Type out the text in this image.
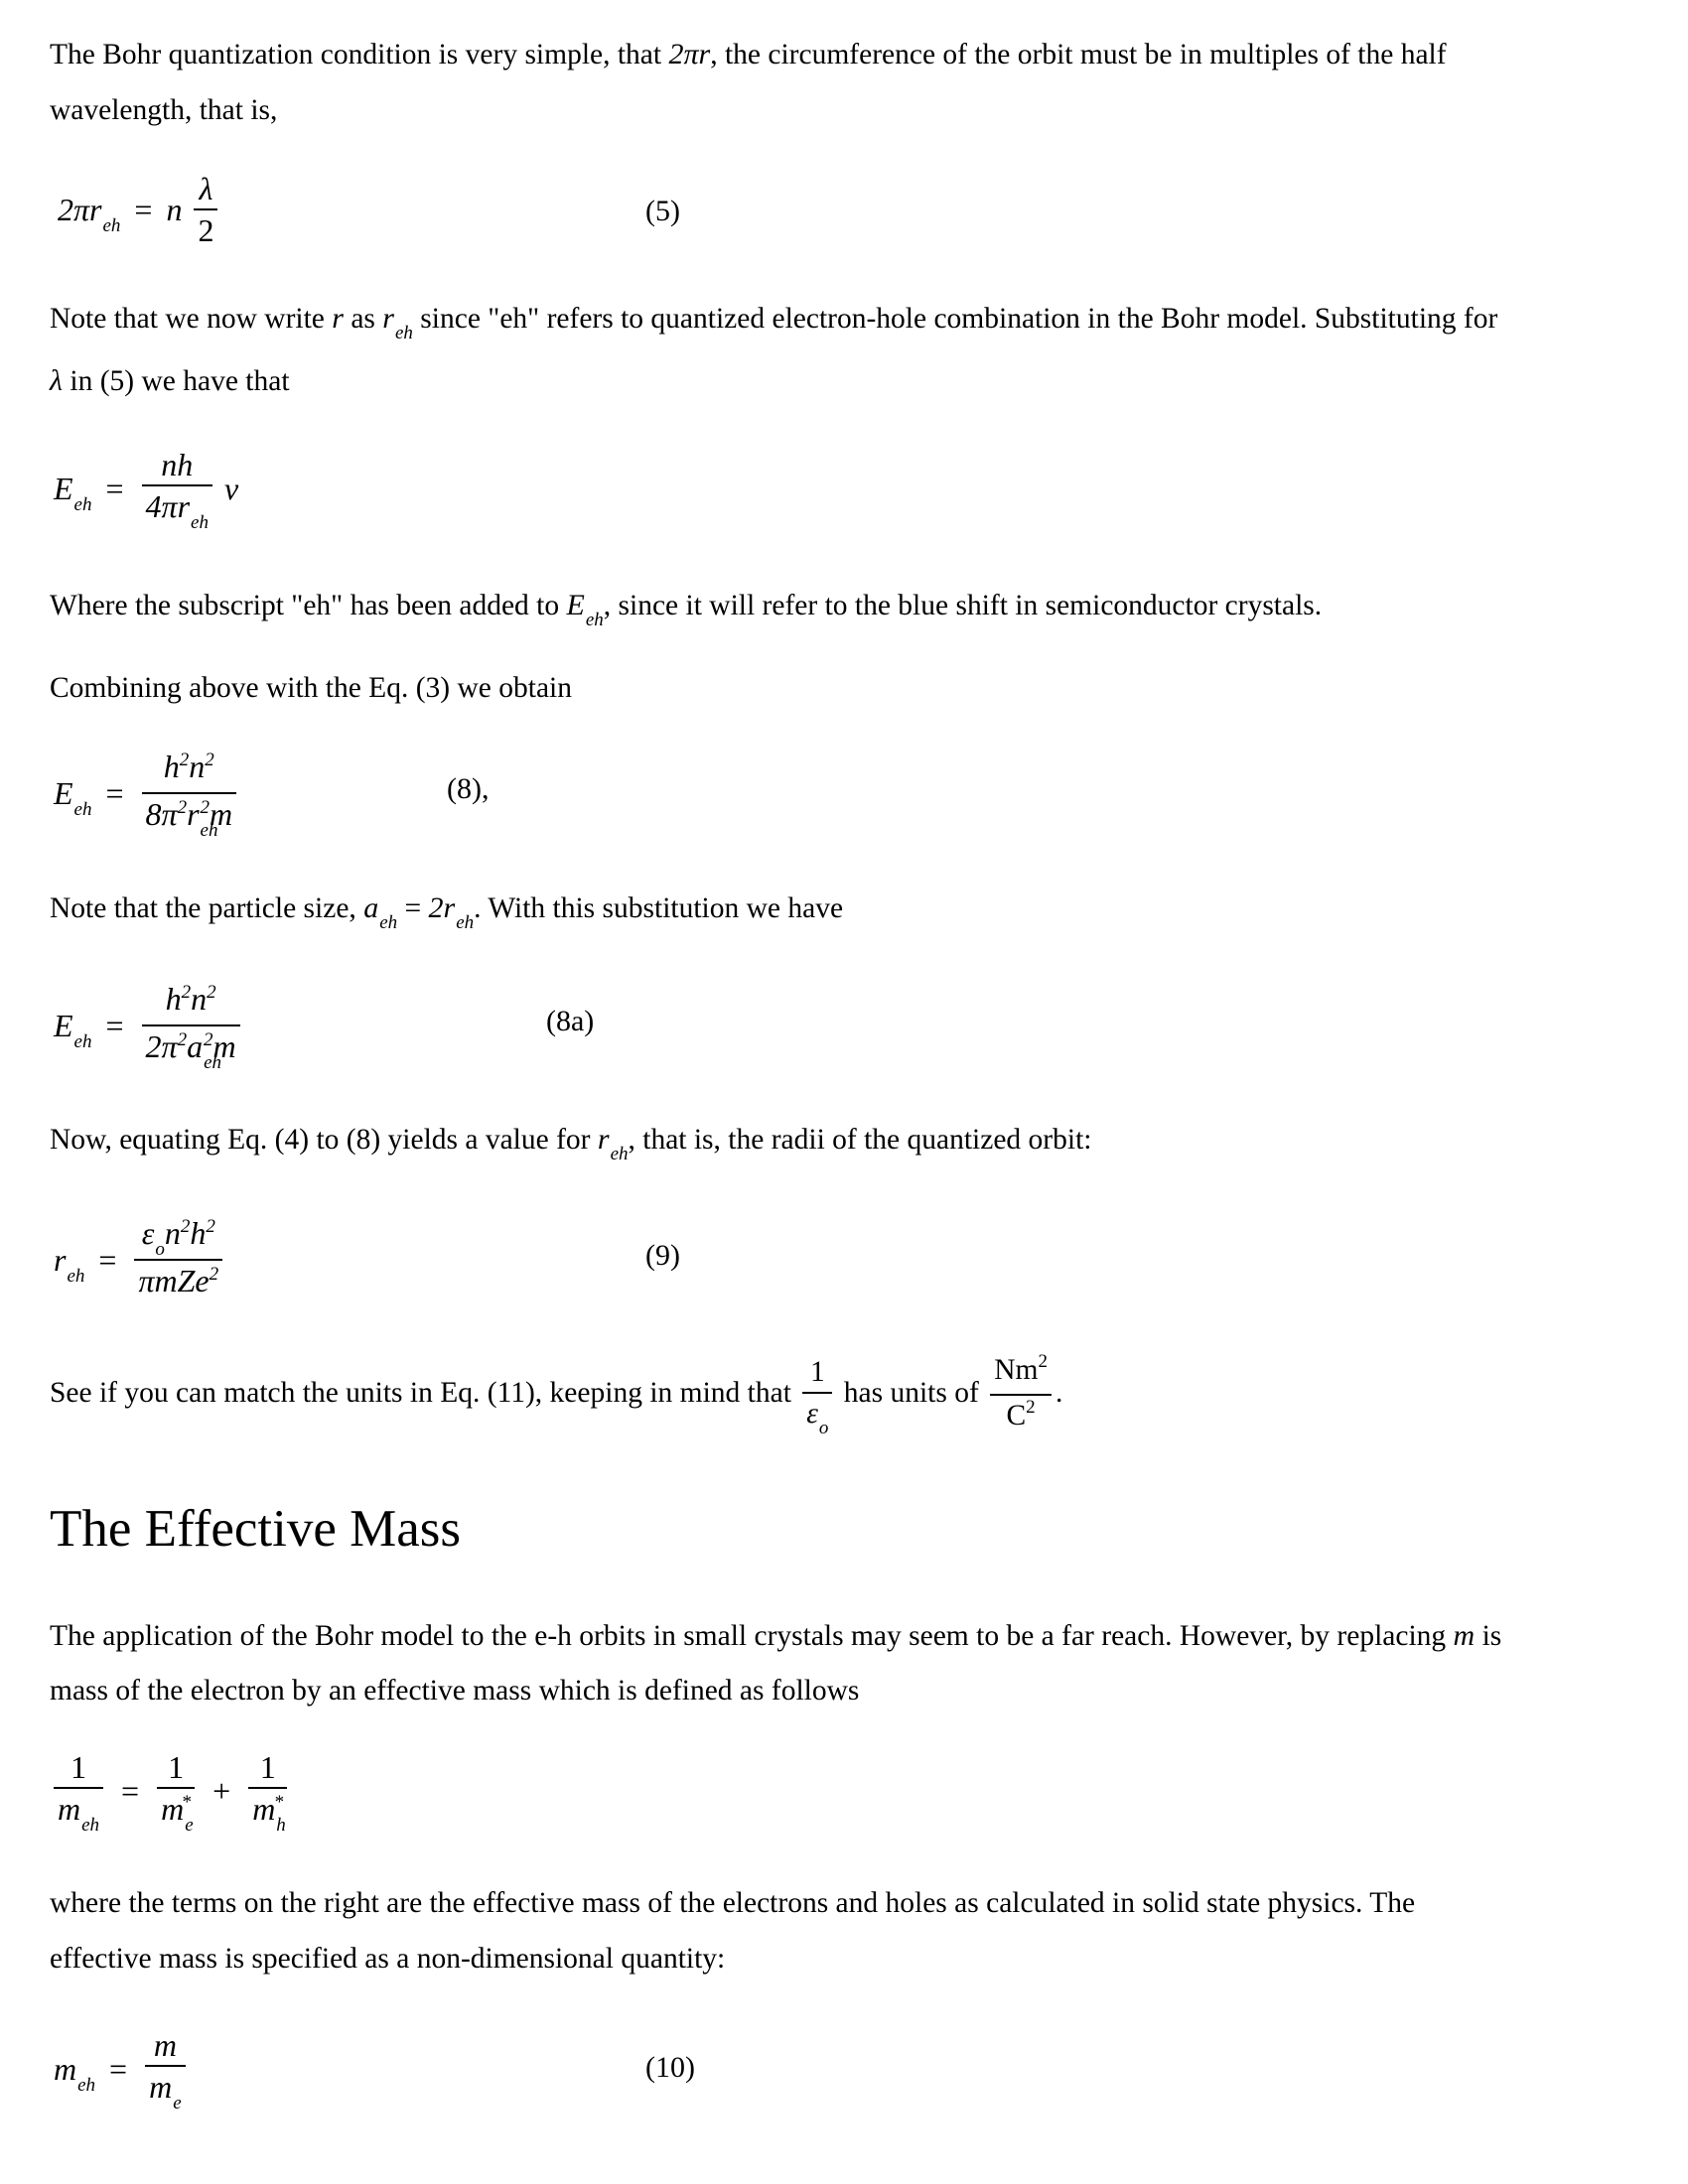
The Bohr quantization condition is very simple, that 2πr, the circumference of the orbit must be in multiples of the half
wavelength, that is,
$2\pi r_{eh} = n \frac{\lambda}{2}$	(5)
Note that we now write r as $r_{eh}$ since "eh" refers to quantized electron-hole combination in the Bohr model. Substituting for
λ in (5) we have that
$E_{eh} = \frac{nh}{4\pi r_{eh}}$ v
Where the subscript "eh" has been added to $E_{eh}$, since it will refer to the blue shift in semiconductor crystals.
Combining above with the Eq. (3) we obtain
$E_{eh} = \frac{h^2n^2}{8\pi^2r_{eh}^2m}$	(8),
Note that the particle size, $a_{eh} = 2r_{eh}$. With this substitution we have
$E_{eh} = \frac{h^2n^2}{2\pi^2a_{eh}^2m}$	(8a)
Now, equating Eq. (4) to (8) yields a value for $r_{eh}$, that is, the radii of the quantized orbit:
$r_{eh} = \frac{\varepsilon_on^2h^2}{\pi mZe^2}$	(9)
See if you can match the units in Eq. (11), keeping in mind that $\frac{1}{\varepsilon_o}$ has units of $\frac{Nm^2}{C^2}$ .
The Effective Mass
The application of the Bohr model to the e-h orbits in small crystals may seem to be a far reach. However, by replacing m is
mass of the electron by an effective mass which is defined as follows
$\frac{1}{m_{eh}} = \frac{1}{m_e^*} + \frac{1}{m_h^*}$
where the terms on the right are the effective mass of the electrons and holes as calculated in solid state physics. The
effective mass is specified as a non-dimensional quantity:
$m_{eh} = \frac{m}{m_e}$	(10)
